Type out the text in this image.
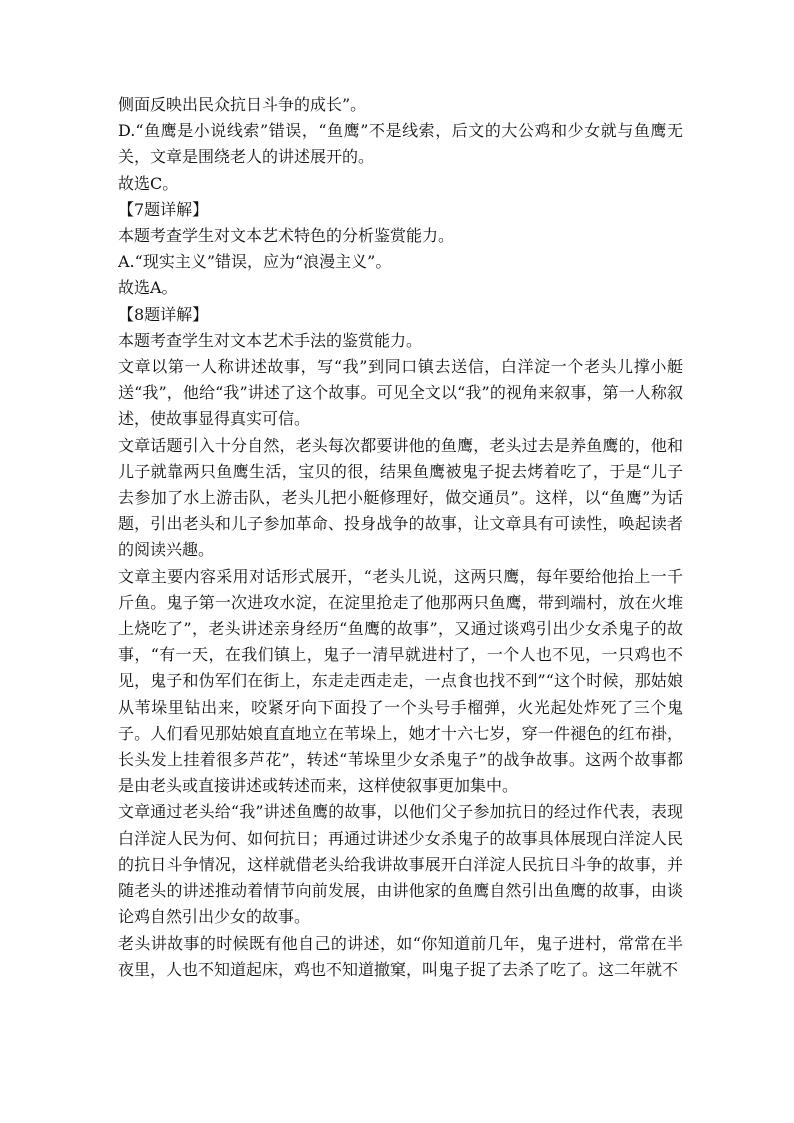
侧面反映出民众抗日斗争的成长”。
D.“鱼鹰是小说线索”错误，“鱼鹰”不是线索，后文的大公鸡和少女就与鱼鹰无关，文章是围绕老人的讲述展开的。
故选C。
【7题详解】
本题考查学生对文本艺术特色的分析鉴赏能力。
A.“现实主义”错误，应为“浪漫主义”。
故选A。
【8题详解】
本题考查学生对文本艺术手法的鉴赏能力。
文章以第一人称讲述故事，写“我”到同口镇去送信，白洋淀一个老头儿撑小艇送“我”，他给“我”讲述了这个故事。可见全文以“我”的视角来叙事，第一人称叙述，使故事显得真实可信。
文章话题引入十分自然，老头每次都要讲他的鱼鹰，老头过去是养鱼鹰的，他和儿子就靠两只鱼鹰生活，宝贝的很，结果鱼鹰被鬼子捉去烤着吃了，于是“儿子去参加了水上游击队，老头儿把小艇修理好，做交通员”。这样，以“鱼鹰”为话题，引出老头和儿子参加革命、投身战争的故事，让文章具有可读性，唤起读者的阅读兴趣。
文章主要内容采用对话形式展开，“老头儿说，这两只鹰，每年要给他抬上一千斤鱼。鬼子第一次进攻水淀，在淀里抢走了他那两只鱼鹰，带到端村，放在火堆上烧吃了”，老头讲述亲身经历“鱼鹰的故事”，又通过谈鸡引出少女杀鬼子的故事，“有一天，在我们镇上，鬼子一清早就进村了，一个人也不见，一只鸡也不见，鬼子和伪军们在街上，东走走西走走，一点食也找不到”“这个时候，那姑娘从苇垛里钻出来，咬紧牙向下面投了一个头号手榴弹，火光起处炸死了三个鬼子。人们看见那姑娘直直地立在苇垛上，她才十六七岁，穿一件褪色的红布褂，长头发上挂着很多芦花”，转述“苇垛里少女杀鬼子”的战争故事。这两个故事都是由老头或直接讲述或转述而来，这样使叙事更加集中。
文章通过老头给“我”讲述鱼鹰的故事，以他们父子参加抗日的经过作代表，表现白洋淀人民为何、如何抗日；再通过讲述少女杀鬼子的故事具体展现白洋淀人民的抗日斗争情况，这样就借老头给我讲故事展开白洋淀人民抗日斗争的故事，并随老头的讲述推动着情节向前发展，由讲他家的鱼鹰自然引出鱼鹰的故事，由谈论鸡自然引出少女的故事。
老头讲故事的时候既有他自己的讲述，如“你知道前几年，鬼子进村，常常在半夜里，人也不知道起床，鸡也不知道撤窠，叫鬼子捉了去杀了吃了。这二年就不
